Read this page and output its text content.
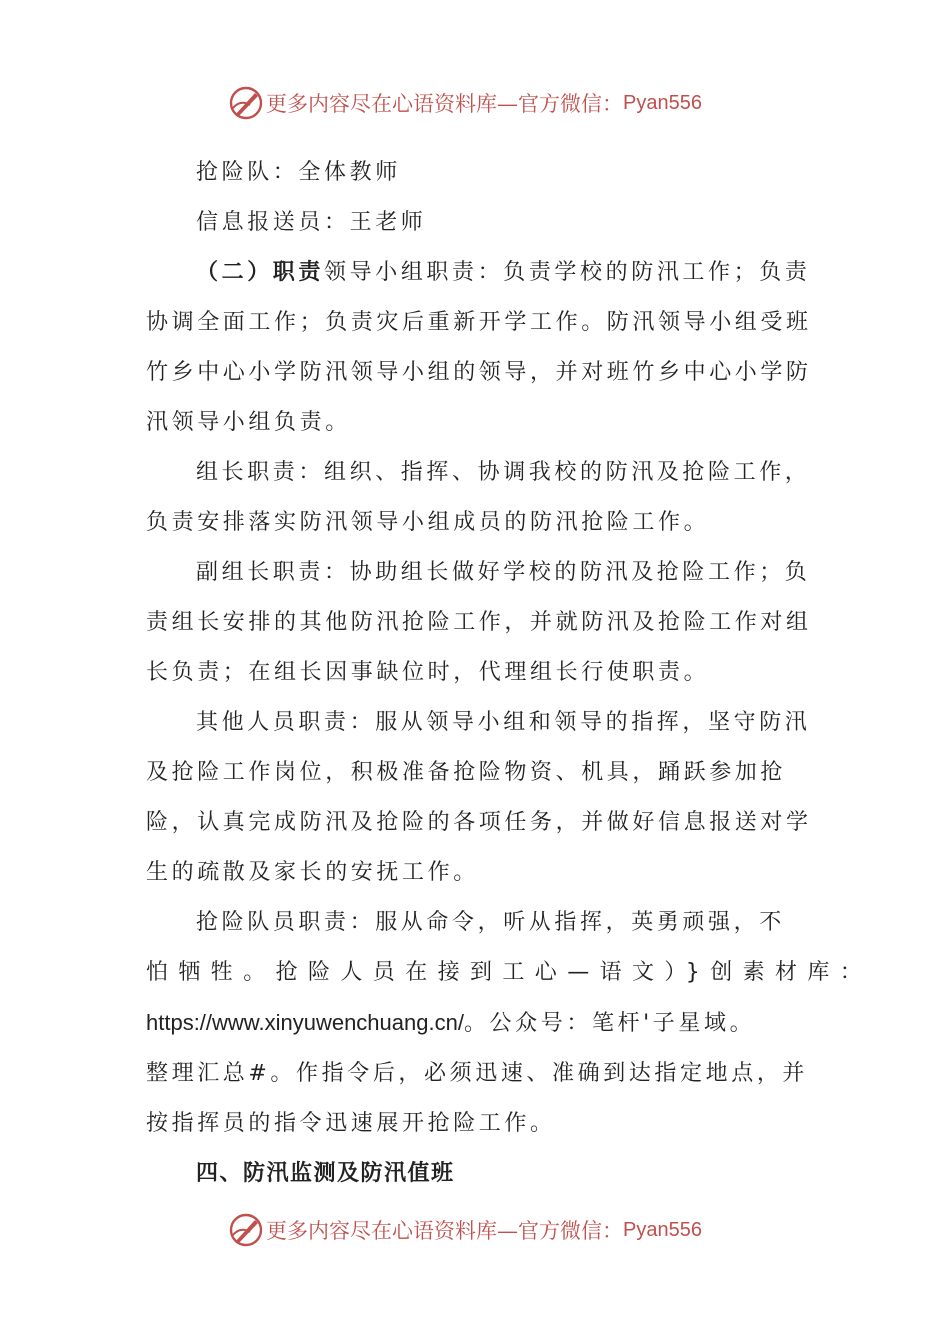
更多内容尽在心语资料库—官方微信： Pyan556

抢险队：全体教师

信息报送员：王老师

（二）职责领导小组职责：负责学校的防汛工作；负责协调全面工作；负责灾后重新开学工作。防汛领导小组受班竹乡中心小学防汛领导小组的领导，并对班竹乡中心小学防汛领导小组负责。

组长职责：组织、指挥、协调我校的防汛及抢险工作，负责安排落实防汛领导小组成员的防汛抢险工作。

副组长职责：协助组长做好学校的防汛及抢险工作；负责组长安排的其他防汛抢险工作，并就防汛及抢险工作对组长负责；在组长因事缺位时，代理组长行使职责。

其他人员职责：服从领导小组和领导的指挥，坚守防汛及抢险工作岗位，积极准备抢险物资、机具，踊跃参加抢险，认真完成防汛及抢险的各项任务，并做好信息报送对学生的疏散及家长的安抚工作。

抢险队员职责：服从命令，听从指挥，英勇顽强，不
怕牺牲。抢险人员在接到工心—语文）}创素材库：
https://www.xinyuwenchuang.cn/。公众号：笔杆'子星域。
整理汇总#。作指令后，必须迅速、准确到达指定地点，并
按指挥员的指令迅速展开抢险工作。

四、防汛监测及防汛值班

更多内容尽在心语资料库—官方微信： Pyan556
